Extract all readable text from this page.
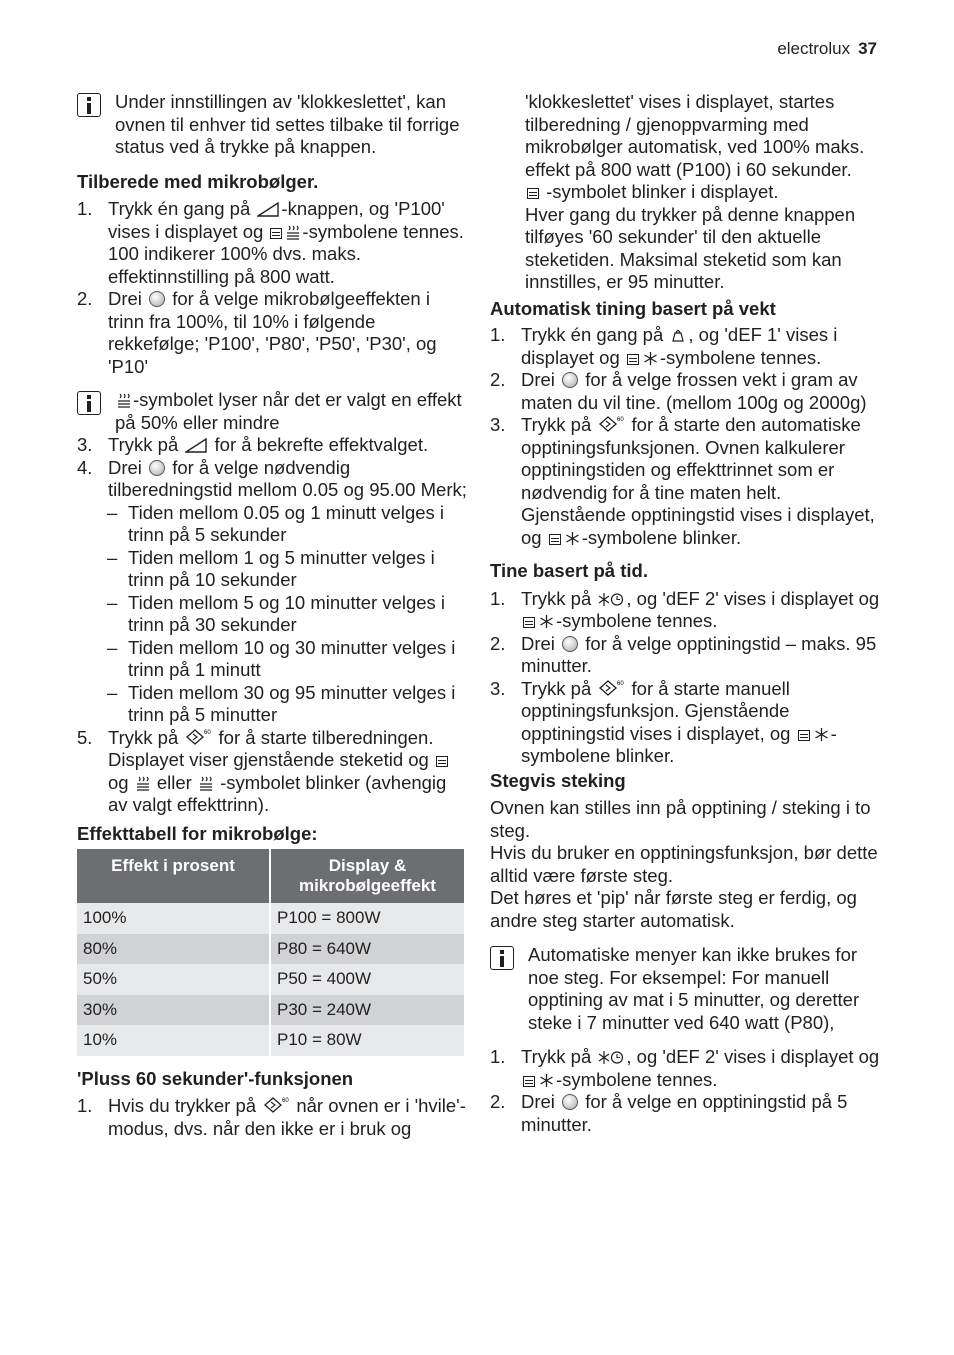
electrolux 37

Under innstillingen av 'klokkeslettet', kan ovnen til enhver tid settes tilbake til forrige status ved å trykke på knappen.

Tilberede med mikrobølger.
1. Trykk én gang på -knappen, og 'P100' vises i displayet og -symbolene tennes. 100 indikerer 100% dvs. maks. effektinnstilling på 800 watt.
2. Drei for å velge mikrobølgeeffekten i trinn fra 100%, til 10% i følgende rekkefølge; 'P100', 'P80', 'P50', 'P30', og 'P10'

-symbolet lyser når det er valgt en effekt på 50% eller mindre

3. Trykk på for å bekrefte effektvalget.
4. Drei for å velge nødvendig tilberedningstid mellom 0.05 og 95.00 Merk;
– Tiden mellom 0.05 og 1 minutt velges i trinn på 5 sekunder
– Tiden mellom 1 og 5 minutter velges i trinn på 10 sekunder
– Tiden mellom 5 og 10 minutter velges i trinn på 30 sekunder
– Tiden mellom 10 og 30 minutter velges i trinn på 1 minutt
– Tiden mellom 30 og 95 minutter velges i trinn på 5 minutter
5. Trykk på	60 for å starte tilberedningen. Displayet viser gjenstående steketid og  og eller -symbolet blinker (avhengig av valgt effekttrinn).
Effekttabell for mikrobølge:
Effekt i prosent	Display & mikrobølgeeffekt
100%	P100 = 800W
80%	P80 = 640W
50%	P50 = 400W
30%	P30 = 240W
10%	P10 = 80W
'Pluss 60 sekunder'-funksjonen
1. Hvis du trykker på	60 når ovnen er i 'hvile'-modus, dvs. når den ikke er i bruk og

'klokkeslettet' vises i displayet, startes tilberedning / gjenoppvarming med mikrobølger automatisk, ved 100% maks. effekt på 800 watt (P100) i 60 sekunder.

-symbolet blinker i displayet.

Hver gang du trykker på denne knappen tilføyes '60 sekunder' til den aktuelle steketiden. Maksimal steketid som kan innstilles, er 95 minutter.

Automatisk tining basert på vekt
1. Trykk én gang på , og 'dEF 1' vises i displayet og -symbolene tennes.
2. Drei for å velge frossen vekt i gram av maten du vil tine. (mellom 100g og 2000g)
3. Trykk på	60 for å starte den automatiske opptiningsfunksjonen. Ovnen kalkulerer opptiningstiden og effekttrinnet som er nødvendig for å tine maten helt. Gjenstående opptiningstid vises i displayet, og -symbolene blinker.
Tine basert på tid.
1. Trykk på , og 'dEF 2' vises i displayet og -symbolene tennes.
2. Drei for å velge opptiningstid – maks. 95 minutter.
3. Trykk på	60 for å starte manuell opptiningsfunksjon. Gjenstående opptiningstid vises i displayet, og -symbolene blinker.
Stegvis steking

Ovnen kan stilles inn på opptining / steking i to steg.

Hvis du bruker en opptiningsfunksjon, bør dette alltid være første steg.

Det høres et 'pip' når første steg er ferdig, og andre steg starter automatisk.

Automatiske menyer kan ikke brukes for noe steg. For eksempel: For manuell opptining av mat i 5 minutter, og deretter steke i 7 minutter ved 640 watt (P80),

1. Trykk på , og 'dEF 2' vises i displayet og -symbolene tennes.
2. Drei for å velge en opptiningstid på 5 minutter.
